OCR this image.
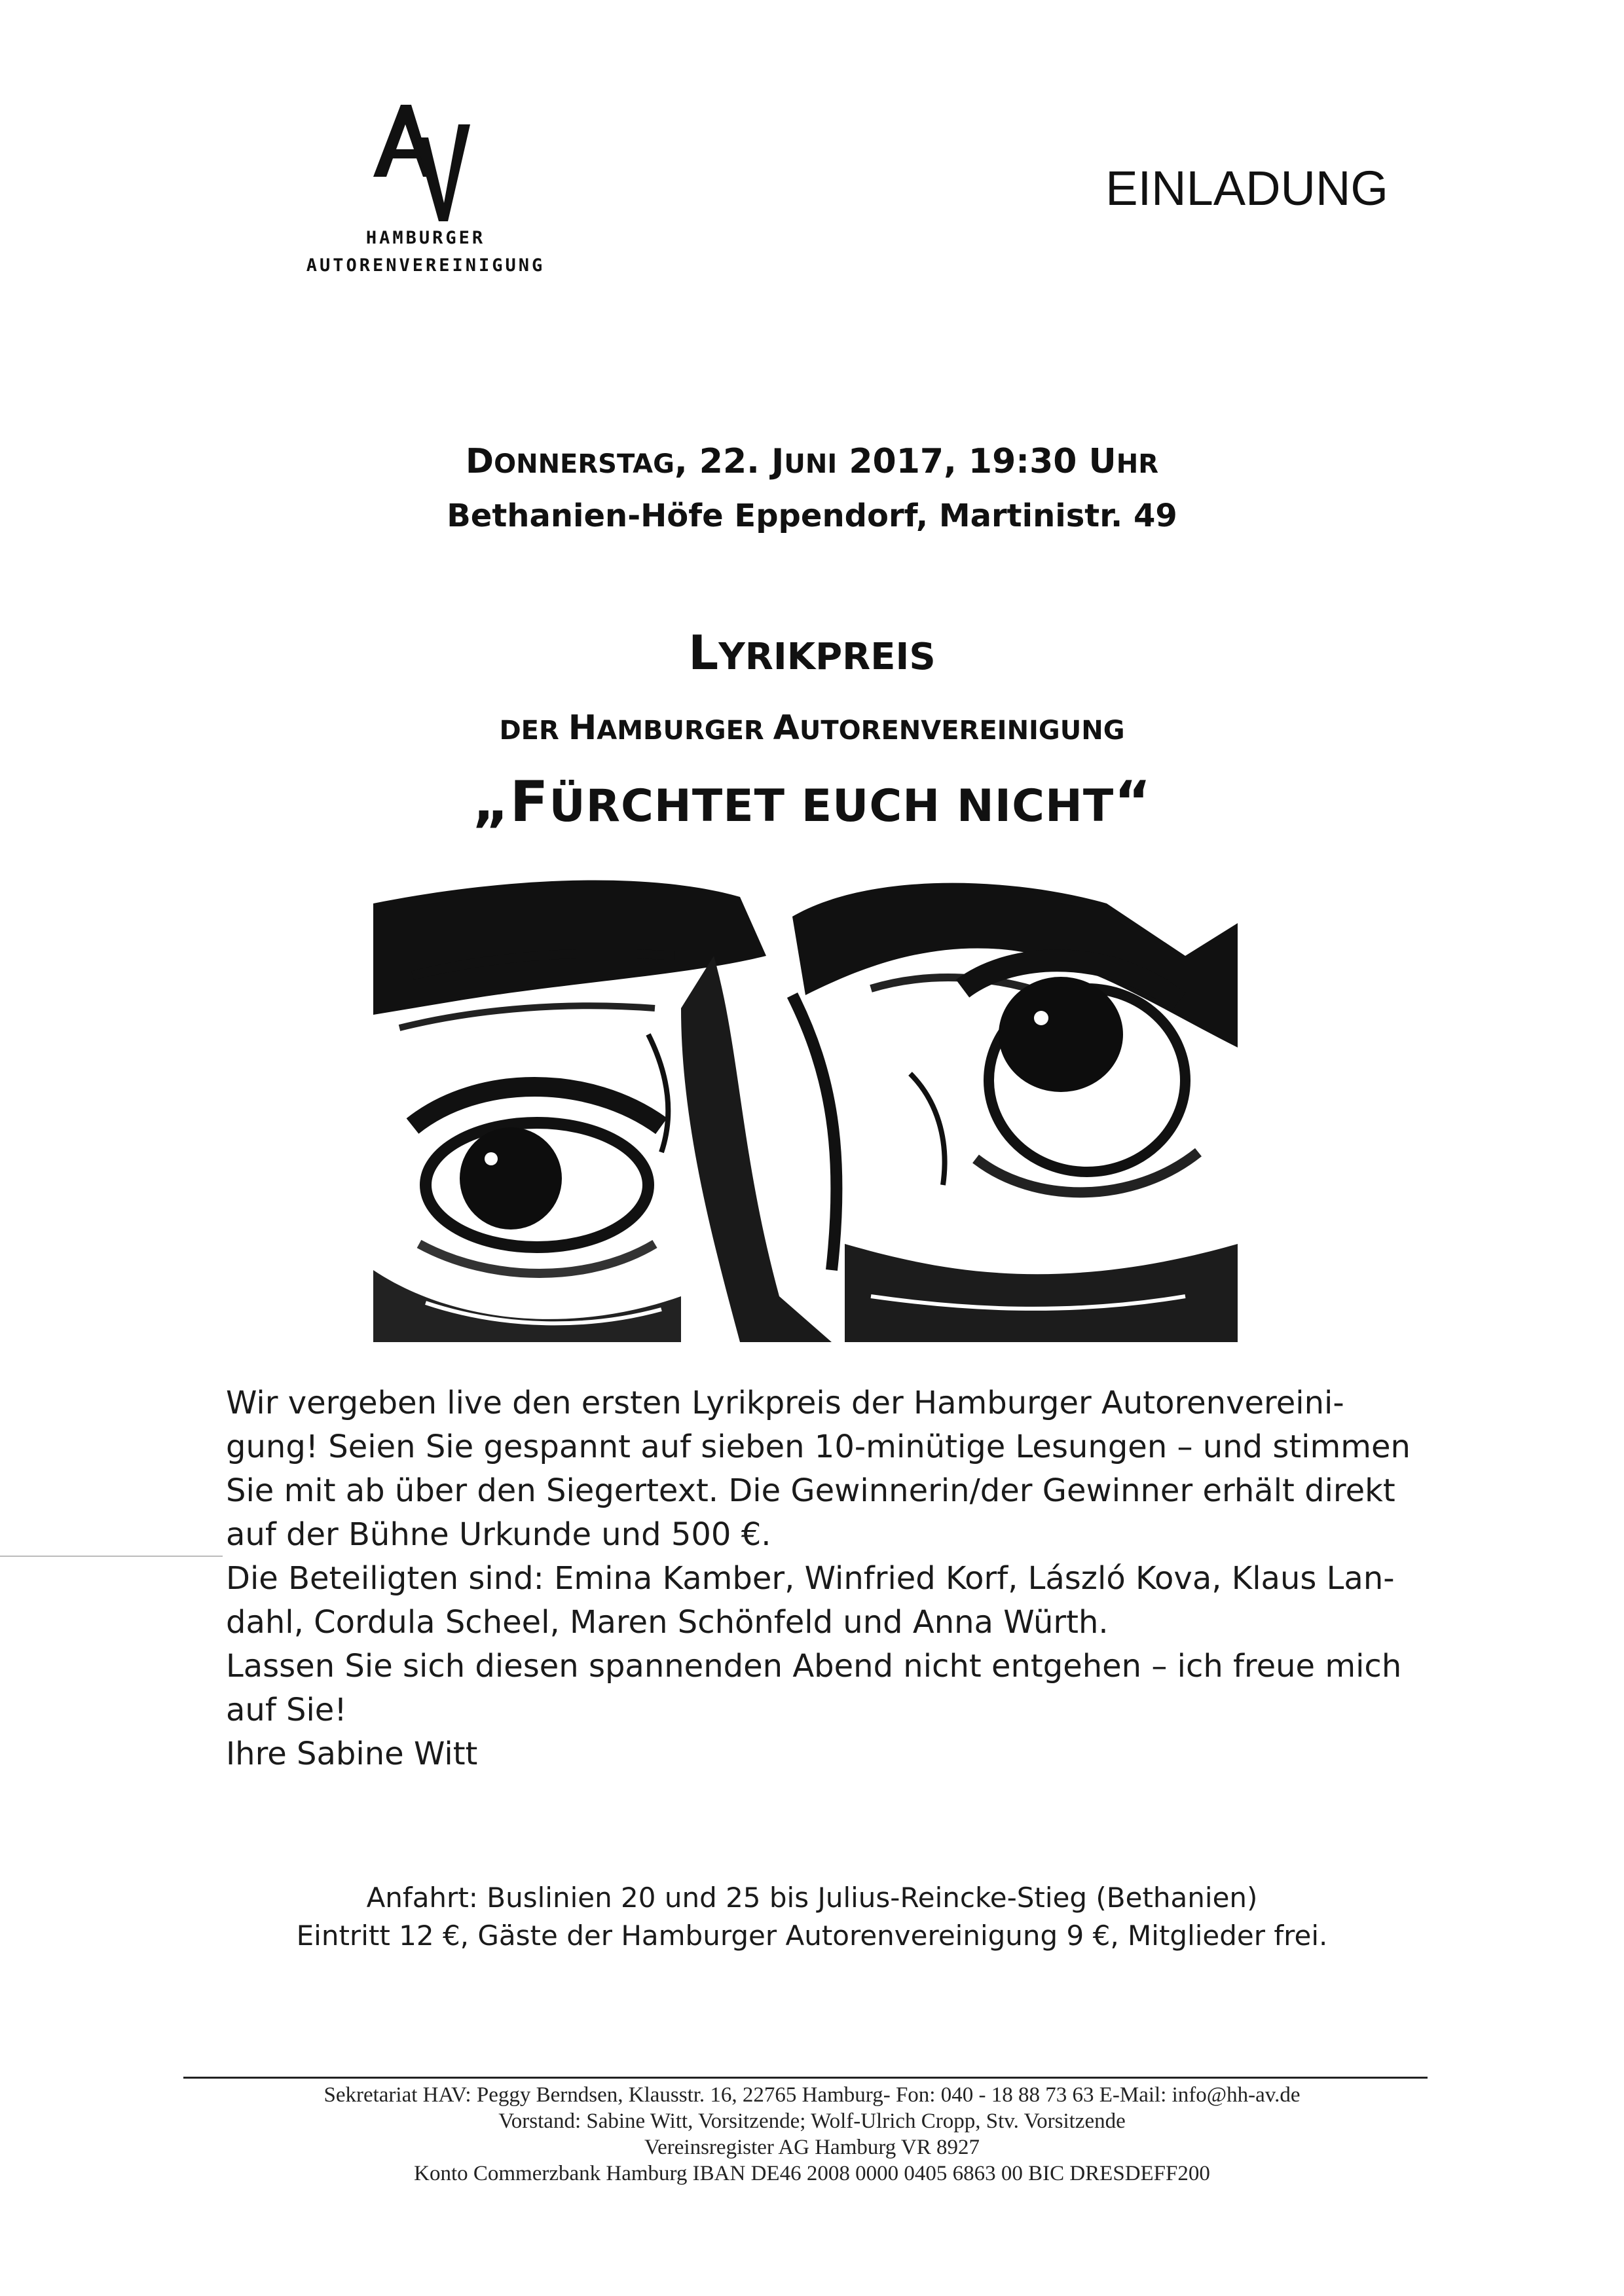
HAMBURGER
AUTORENVEREINIGUNG
EINLADUNG
DONNERSTAG, 22. JUNI 2017, 19:30 UHR
Bethanien-Höfe Eppendorf, Martinistr. 49
LYRIKPREIS
DER HAMBURGER AUTORENVEREINIGUNG
„FÜRCHTET EUCH NICHT“

Wir vergeben live den ersten Lyrikpreis der Hamburger Autorenvereini-

gung! Seien Sie gespannt auf sieben 10-minütige Lesungen – und stimmen

Sie mit ab über den Siegertext. Die Gewinnerin/der Gewinner erhält direkt

auf der Bühne Urkunde und 500 €.

Die Beteiligten sind: Emina Kamber, Winfried Korf, László Kova, Klaus Lan-

dahl, Cordula Scheel, Maren Schönfeld und Anna Würth.

Lassen Sie sich diesen spannenden Abend nicht entgehen – ich freue mich

auf Sie!

Ihre Sabine Witt

Anfahrt: Buslinien 20 und 25 bis Julius-Reincke-Stieg (Bethanien)
Eintritt 12 €, Gäste der Hamburger Autorenvereinigung 9 €, Mitglieder frei.
Sekretariat HAV: Peggy Berndsen, Klausstr. 16, 22765 Hamburg- Fon: 040 - 18 88 73 63 E-Mail: info@hh-av.de
Vorstand: Sabine Witt, Vorsitzende; Wolf-Ulrich Cropp, Stv. Vorsitzende
Vereinsregister AG Hamburg VR 8927
Konto Commerzbank Hamburg IBAN DE46 2008 0000 0405 6863 00 BIC DRESDEFF200
